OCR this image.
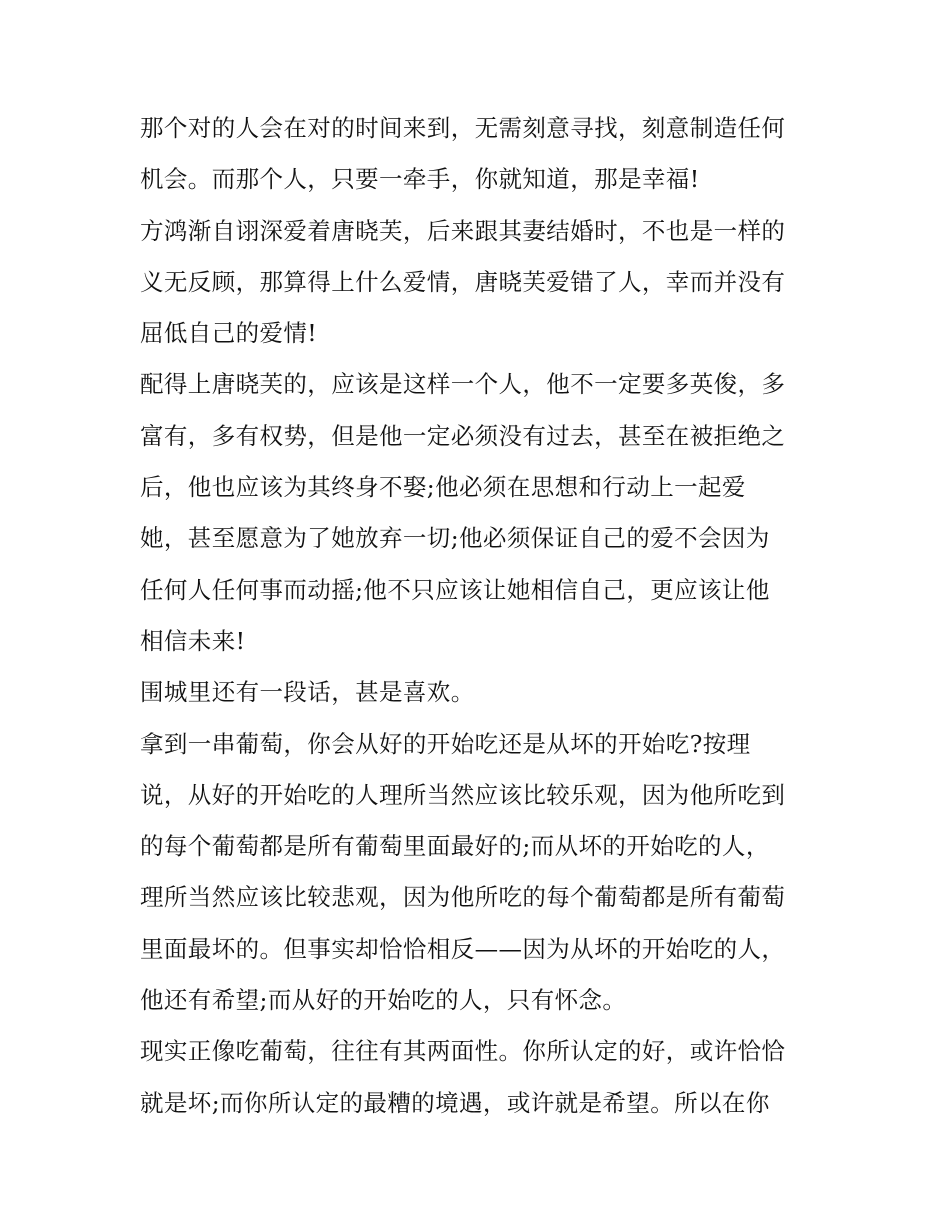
那个对的人会在对的时间来到，无需刻意寻找，刻意制造任何
机会。而那个人，只要一牵手，你就知道，那是幸福!
方鸿渐自诩深爱着唐晓芙，后来跟其妻结婚时，不也是一样的
义无反顾，那算得上什么爱情，唐晓芙爱错了人，幸而并没有
屈低自己的爱情!
配得上唐晓芙的，应该是这样一个人，他不一定要多英俊，多
富有，多有权势，但是他一定必须没有过去，甚至在被拒绝之
后，他也应该为其终身不娶;他必须在思想和行动上一起爱
她，甚至愿意为了她放弃一切;他必须保证自己的爱不会因为
任何人任何事而动摇;他不只应该让她相信自己，更应该让他
相信未来!
围城里还有一段话，甚是喜欢。
拿到一串葡萄，你会从好的开始吃还是从坏的开始吃?按理
说，从好的开始吃的人理所当然应该比较乐观，因为他所吃到
的每个葡萄都是所有葡萄里面最好的;而从坏的开始吃的人，
理所当然应该比较悲观，因为他所吃的每个葡萄都是所有葡萄
里面最坏的。但事实却恰恰相反——因为从坏的开始吃的人，
他还有希望;而从好的开始吃的人，只有怀念。
现实正像吃葡萄，往往有其两面性。你所认定的好，或许恰恰
就是坏;而你所认定的最糟的境遇，或许就是希望。所以在你
